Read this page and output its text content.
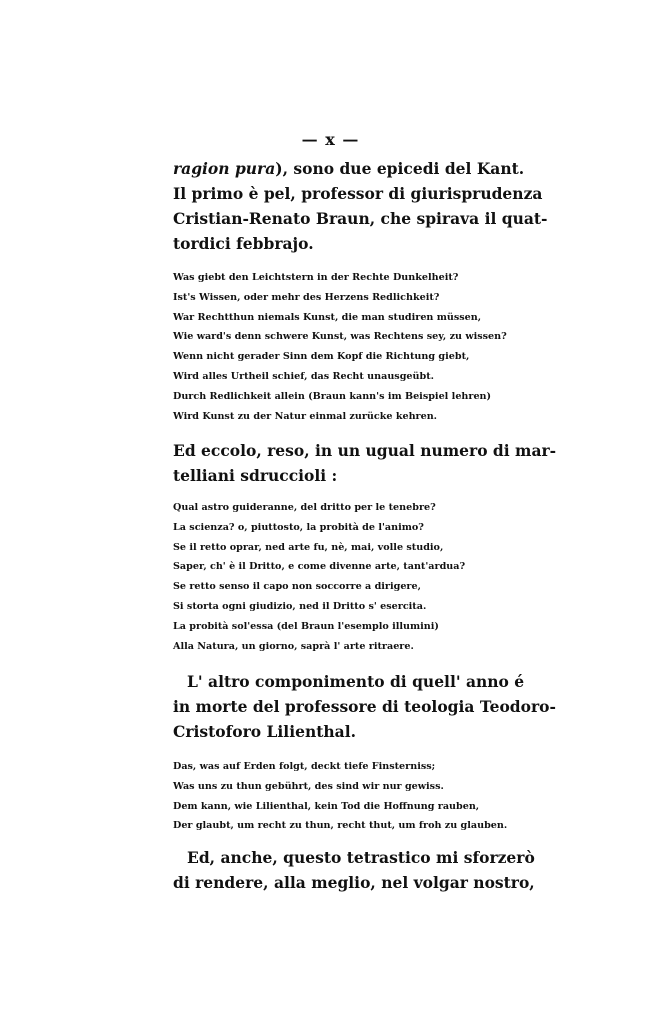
— x —
ragion pura), sono due epicedi del Kant.
Il primo è pel, professor di giurisprudenza
Cristian-Renato Braun, che spirava il quat-
tordici febbrajo.
Was giebt den Leichtstern in der Rechte Dunkelheit?
Ist's Wissen, oder mehr des Herzens Redlichkeit?
War Rechtthun niemals Kunst, die man studiren müssen,
Wie ward's denn schwere Kunst, was Rechtens sey, zu wissen?
Wenn nicht gerader Sinn dem Kopf die Richtung giebt,
Wird alles Urtheil schief, das Recht unausgeübt.
Durch Redlichkeit allein (Braun kann's im Beispiel lehren)
Wird Kunst zu der Natur einmal zurücke kehren.
Ed eccolo, reso, in un ugual numero di mar-
telliani sdruccioli :
Qual astro guideranne, del dritto per le tenebre?
La scienza? o, piuttosto, la probità de l'animo?
Se il retto oprar, ned arte fu, nè, mai, volle studio,
Saper, ch' è il Dritto, e come divenne arte, tant'ardua?
Se retto senso il capo non soccorre a dirigere,
Si storta ogni giudizio, ned il Dritto s' esercita.
La probità sol'essa (del Braun l'esemplo illumini)
Alla Natura, un giorno, saprà l' arte ritraere.
L' altro componimento di quell' anno é
in morte del professore di teologia Teodoro-
Cristoforo Lilienthal.
Das, was auf Erden folgt, deckt tiefe Finsterniss;
Was uns zu thun gebührt, des sind wir nur gewiss.
Dem kann, wie Lilienthal, kein Tod die Hoffnung rauben,
Der glaubt, um recht zu thun, recht thut, um froh zu glauben.
Ed, anche, questo tetrastico mi sforzerò
di rendere, alla meglio, nel volgar nostro,
